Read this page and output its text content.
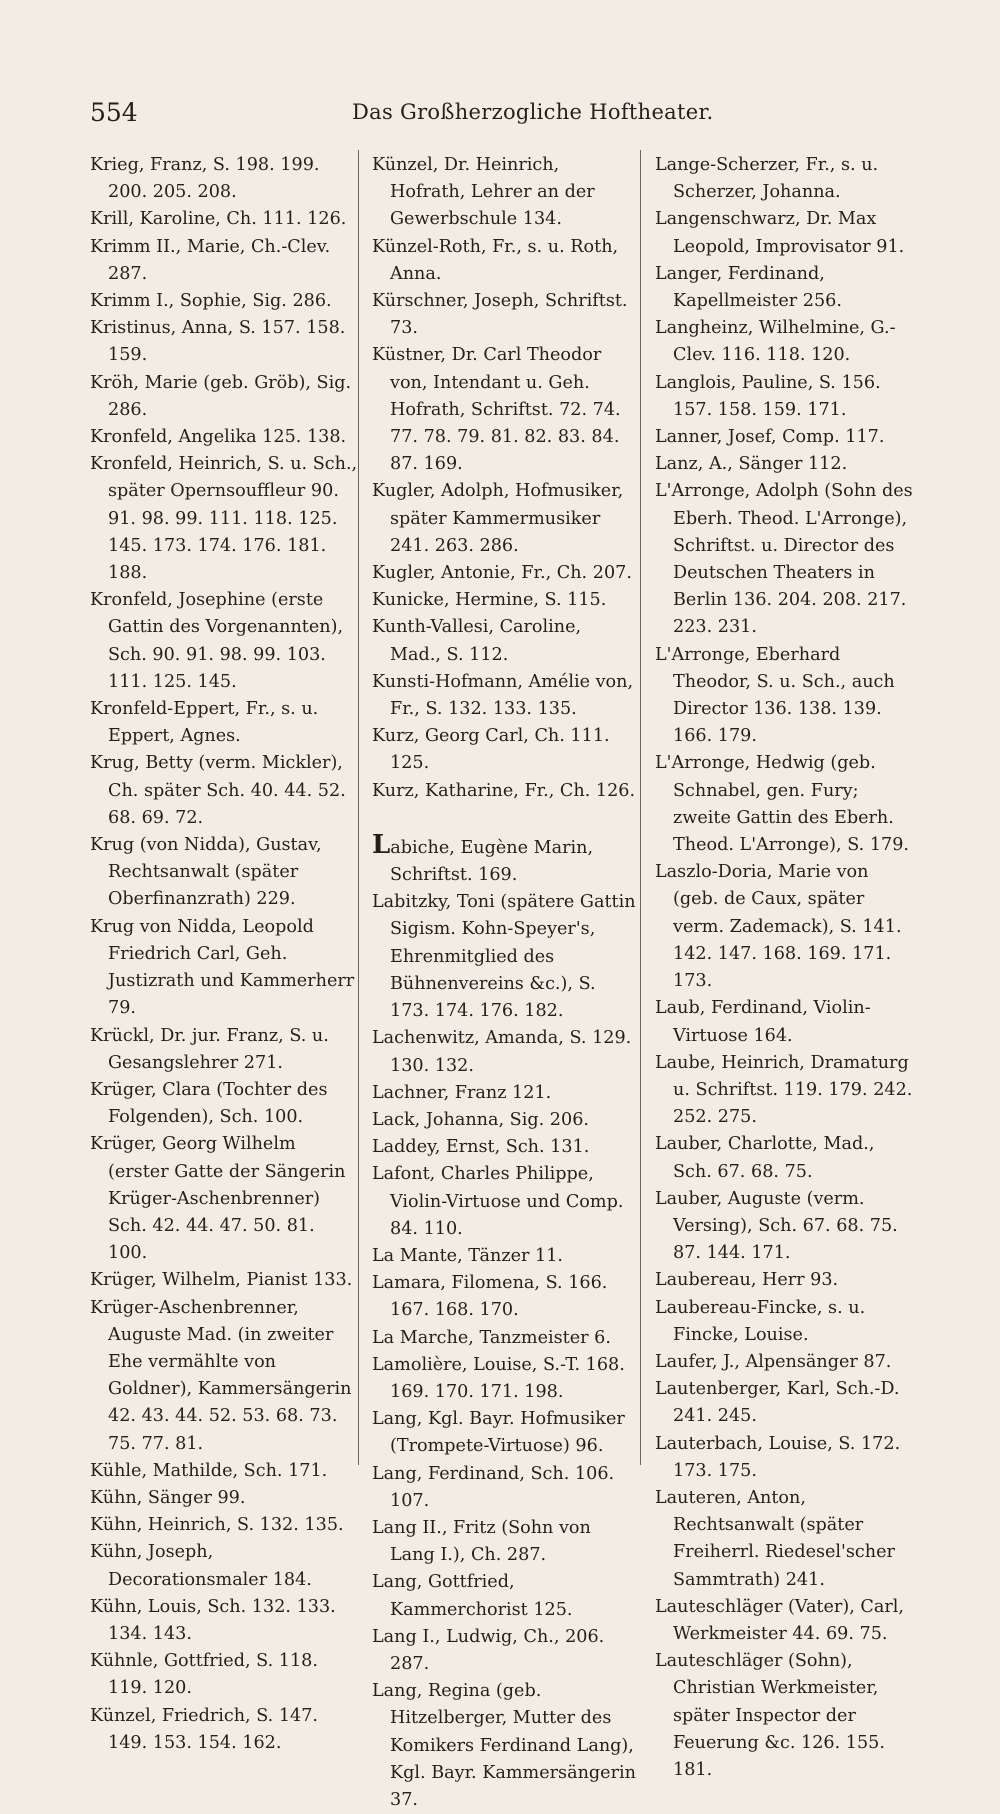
554	Das Großherzogliche Hoftheater.

Krieg, Franz, S. 198. 199. 200. 205. 208.

Krill, Karoline, Ch. 111. 126.

Krimm II., Marie, Ch.-Clev. 287.

Krimm I., Sophie, Sig. 286.

Kristinus, Anna, S. 157. 158. 159.

Kröh, Marie (geb. Gröb), Sig. 286.

Kronfeld, Angelika 125. 138.

Kronfeld, Heinrich, S. u. Sch., später Opernsouffleur 90. 91. 98. 99. 111. 118. 125. 145. 173. 174. 176. 181. 188.

Kronfeld, Josephine (erste Gattin des Vorgenannten), Sch. 90. 91. 98. 99. 103. 111. 125. 145.

Kronfeld-Eppert, Fr., s. u. Eppert, Agnes.

Krug, Betty (verm. Mickler), Ch. später Sch. 40. 44. 52. 68. 69. 72.

Krug (von Nidda), Gustav, Rechtsanwalt (später Oberfinanzrath) 229.

Krug von Nidda, Leopold Friedrich Carl, Geh. Justizrath und Kammerherr 79.

Krückl, Dr. jur. Franz, S. u. Gesangslehrer 271.

Krüger, Clara (Tochter des Folgenden), Sch. 100.

Krüger, Georg Wilhelm (erster Gatte der Sängerin Krüger-Aschenbrenner) Sch. 42. 44. 47. 50. 81. 100.

Krüger, Wilhelm, Pianist 133.

Krüger-Aschenbrenner, Auguste Mad. (in zweiter Ehe vermählte von Goldner), Kammersängerin 42. 43. 44. 52. 53. 68. 73. 75. 77. 81.

Kühle, Mathilde, Sch. 171.

Kühn, Sänger 99.

Kühn, Heinrich, S. 132. 135.

Kühn, Joseph, Decorationsmaler 184.

Kühn, Louis, Sch. 132. 133. 134. 143.

Kühnle, Gottfried, S. 118. 119. 120.

Künzel, Friedrich, S. 147. 149. 153. 154. 162.

Künzel, Dr. Heinrich, Hofrath, Lehrer an der Gewerbschule 134.

Künzel-Roth, Fr., s. u. Roth, Anna.

Kürschner, Joseph, Schriftst. 73.

Küstner, Dr. Carl Theodor von, Intendant u. Geh. Hofrath, Schriftst. 72. 74. 77. 78. 79. 81. 82. 83. 84. 87. 169.

Kugler, Adolph, Hofmusiker, später Kammermusiker 241. 263. 286.

Kugler, Antonie, Fr., Ch. 207.

Kunicke, Hermine, S. 115.

Kunth-Vallesi, Caroline, Mad., S. 112.

Kunsti-Hofmann, Amélie von, Fr., S. 132. 133. 135.

Kurz, Georg Carl, Ch. 111. 125.

Kurz, Katharine, Fr., Ch. 126.

Labiche, Eugène Marin, Schriftst. 169.

Labitzky, Toni (spätere Gattin Sigism. Kohn-Speyer's, Ehrenmitglied des Bühnenvereins &c.), S. 173. 174. 176. 182.

Lachenwitz, Amanda, S. 129. 130. 132.

Lachner, Franz 121.

Lack, Johanna, Sig. 206.

Laddey, Ernst, Sch. 131.

Lafont, Charles Philippe, Violin-Virtuose und Comp. 84. 110.

La Mante, Tänzer 11.

Lamara, Filomena, S. 166. 167. 168. 170.

La Marche, Tanzmeister 6.

Lamolière, Louise, S.-T. 168. 169. 170. 171. 198.

Lang, Kgl. Bayr. Hofmusiker (Trompete-Virtuose) 96.

Lang, Ferdinand, Sch. 106. 107.

Lang II., Fritz (Sohn von Lang I.), Ch. 287.

Lang, Gottfried, Kammerchorist 125.

Lang I., Ludwig, Ch., 206. 287.

Lang, Regina (geb. Hitzelberger, Mutter des Komikers Ferdinand Lang), Kgl. Bayr. Kammersängerin 37.

Lange-Scherzer, Fr., s. u. Scherzer, Johanna.

Langenschwarz, Dr. Max Leopold, Improvisator 91.

Langer, Ferdinand, Kapellmeister 256.

Langheinz, Wilhelmine, G.-Clev. 116. 118. 120.

Langlois, Pauline, S. 156. 157. 158. 159. 171.

Lanner, Josef, Comp. 117.

Lanz, A., Sänger 112.

L'Arronge, Adolph (Sohn des Eberh. Theod. L'Arronge), Schriftst. u. Director des Deutschen Theaters in Berlin 136. 204. 208. 217. 223. 231.

L'Arronge, Eberhard Theodor, S. u. Sch., auch Director 136. 138. 139. 166. 179.

L'Arronge, Hedwig (geb. Schnabel, gen. Fury; zweite Gattin des Eberh. Theod. L'Arronge), S. 179.

Laszlo-Doria, Marie von (geb. de Caux, später verm. Zademack), S. 141. 142. 147. 168. 169. 171. 173.

Laub, Ferdinand, Violin-Virtuose 164.

Laube, Heinrich, Dramaturg u. Schriftst. 119. 179. 242. 252. 275.

Lauber, Charlotte, Mad., Sch. 67. 68. 75.

Lauber, Auguste (verm. Versing), Sch. 67. 68. 75. 87. 144. 171.

Laubereau, Herr 93.

Laubereau-Fincke, s. u. Fincke, Louise.

Laufer, J., Alpensänger 87.

Lautenberger, Karl, Sch.-D. 241. 245.

Lauterbach, Louise, S. 172. 173. 175.

Lauteren, Anton, Rechtsanwalt (später Freiherrl. Riedesel'scher Sammtrath) 241.

Lauteschläger (Vater), Carl, Werkmeister 44. 69. 75.

Lauteschläger (Sohn), Christian Werkmeister, später Inspector der Feuerung &c. 126. 155. 181.
